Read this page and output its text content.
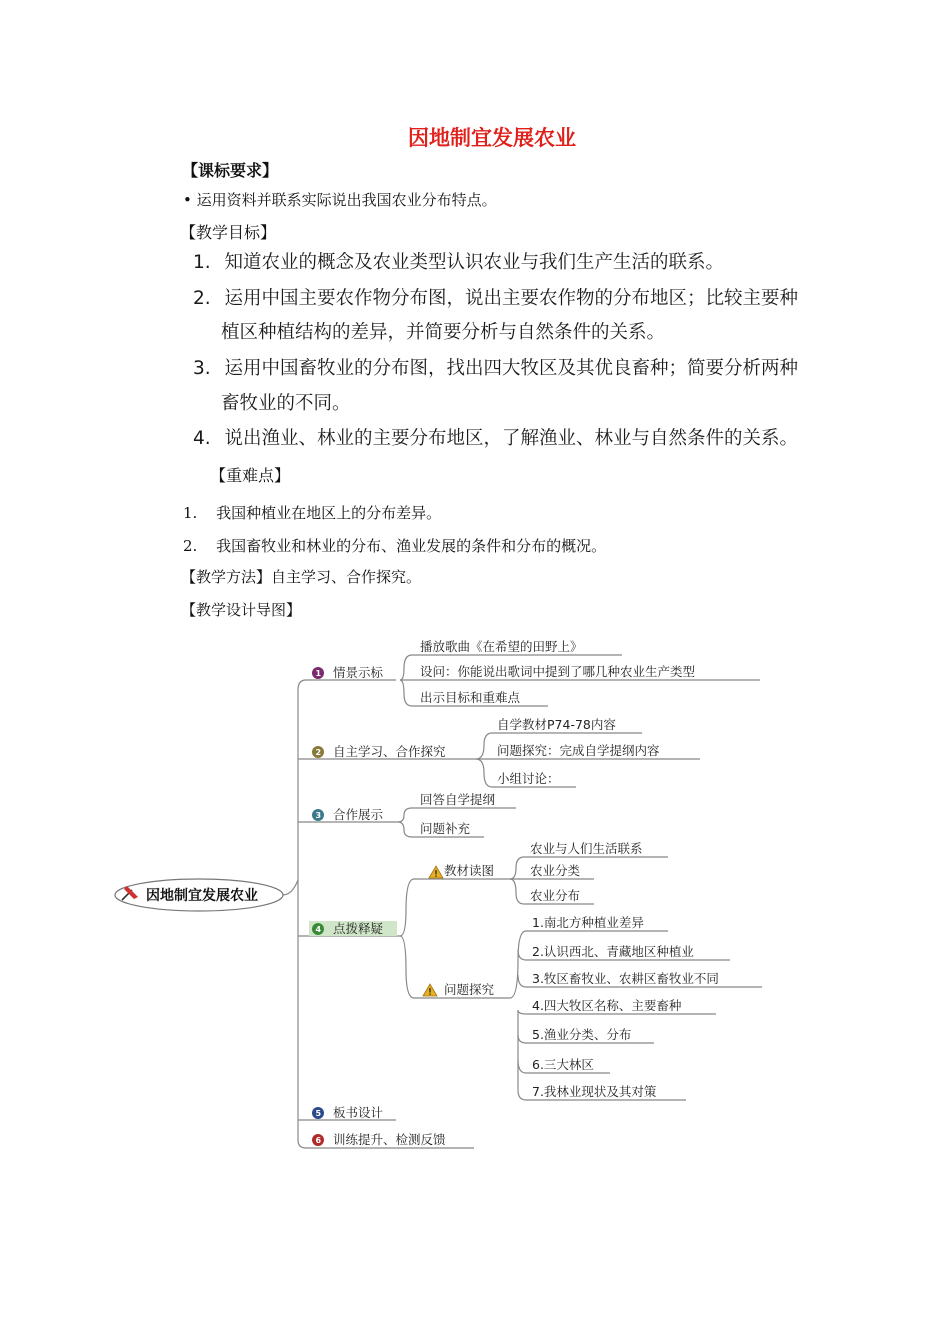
因地制宜发展农业
【课标要求】
• 运用资料并联系实际说出我国农业分布特点。
【教学目标】
1. 知道农业的概念及农业类型认识农业与我们生产生活的联系。
2. 运用中国主要农作物分布图，说出主要农作物的分布地区；比较主要种
植区种植结构的差异，并简要分析与自然条件的关系。
3. 运用中国畜牧业的分布图，找出四大牧区及其优良畜种；简要分析两种
畜牧业的不同。
4. 说出渔业、林业的主要分布地区，了解渔业、林业与自然条件的关系。
【重难点】
1. 我国种植业在地区上的分布差异。
2. 我国畜牧业和林业的分布、渔业发展的条件和分布的概况。
【教学方法】自主学习、合作探究。
【教学设计导图】
因地制宜发展农业
1
2
3
4
5
6
情景示标
自主学习、合作探究
合作展示
点拨释疑
板书设计
训练提升、检测反馈
播放歌曲《在希望的田野上》
设问：你能说出歌词中提到了哪几种农业生产类型
出示目标和重难点
自学教材P74-78内容
问题探究：完成自学提纲内容
小组讨论：
回答自学提纲
问题补充
教材读图
问题探究
农业与人们生活联系
农业分类
农业分布
1.南北方种植业差异
2.认识西北、青藏地区种植业
3.牧区畜牧业、农耕区畜牧业不同
4.四大牧区名称、主要畜种
5.渔业分类、分布
6.三大林区
7.我林业现状及其对策
